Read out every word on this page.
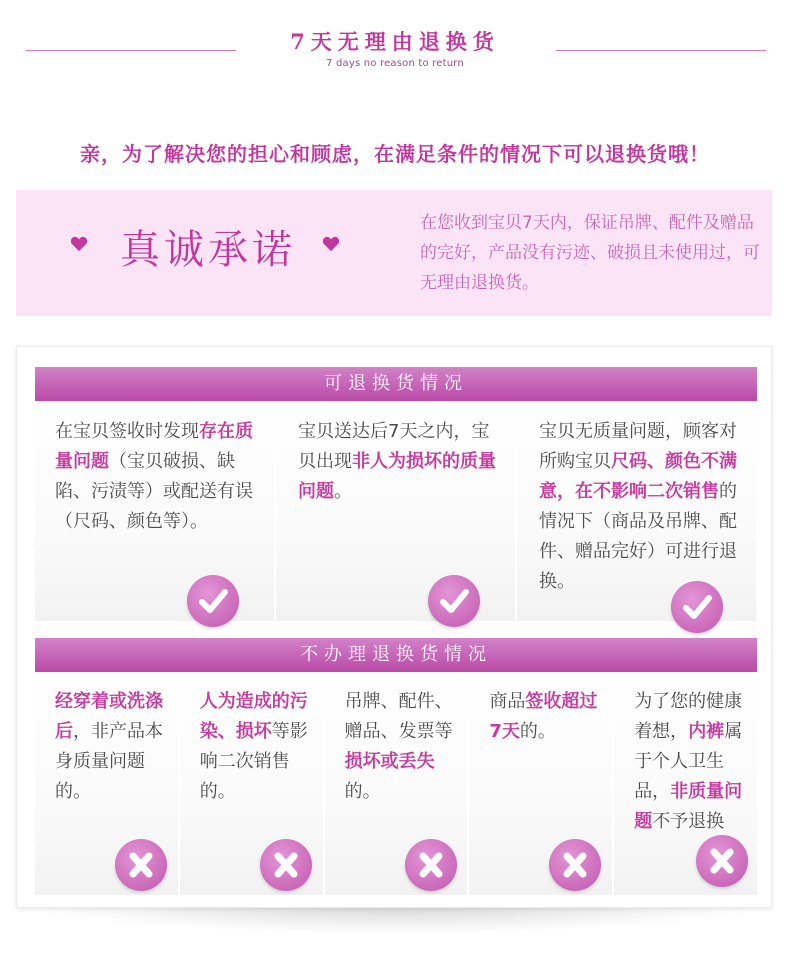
7天无理由退换货
7 days no reason to return
亲，为了解决您的担心和顾虑，在满足条件的情况下可以退换货哦！
真诚承诺
在您收到宝贝7天内，保证吊牌、配件及赠品的完好，产品没有污迹、破损且未使用过，可无理由退换货。
可退换货情况
在宝贝签收时发现存在质量问题（宝贝破损、缺陷、污渍等）或配送有误（尺码、颜色等）。
宝贝送达后7天之内，宝贝出现非人为损坏的质量问题。
宝贝无质量问题，顾客对所购宝贝尺码、颜色不满意，在不影响二次销售的情况下（商品及吊牌、配件、赠品完好）可进行退换。
不办理退换货情况
经穿着或洗涤后，非产品本身质量问题的。
人为造成的污染、损坏等影响二次销售的。
吊牌、配件、赠品、发票等损坏或丢失的。
商品签收超过7天的。
为了您的健康着想，内裤属于个人卫生品，非质量问题不予退换
